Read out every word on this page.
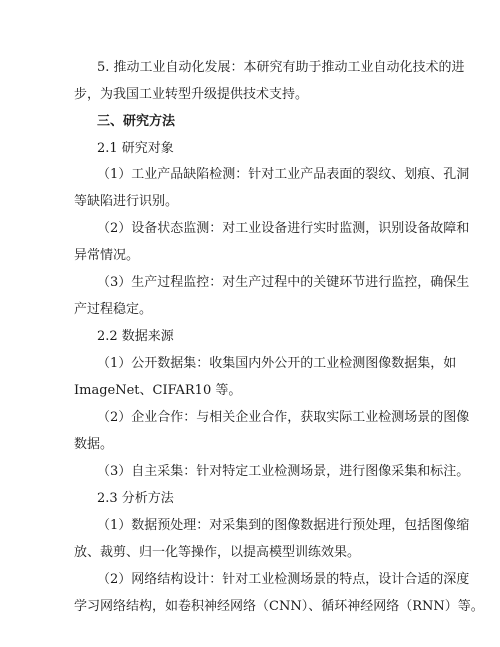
5. 推动工业自动化发展：本研究有助于推动工业自动化技术的进
步，为我国工业转型升级提供技术支持。
三、研究方法
2.1 研究对象
（1）工业产品缺陷检测：针对工业产品表面的裂纹、划痕、孔洞
等缺陷进行识别。
（2）设备状态监测：对工业设备进行实时监测，识别设备故障和
异常情况。
（3）生产过程监控：对生产过程中的关键环节进行监控，确保生
产过程稳定。
2.2 数据来源
（1）公开数据集：收集国内外公开的工业检测图像数据集，如
ImageNet、CIFAR10 等。
（2）企业合作：与相关企业合作，获取实际工业检测场景的图像
数据。
（3）自主采集：针对特定工业检测场景，进行图像采集和标注。
2.3 分析方法
（1）数据预处理：对采集到的图像数据进行预处理，包括图像缩
放、裁剪、归一化等操作，以提高模型训练效果。
（2）网络结构设计：针对工业检测场景的特点，设计合适的深度
学习网络结构，如卷积神经网络（CNN）、循环神经网络（RNN）等。
